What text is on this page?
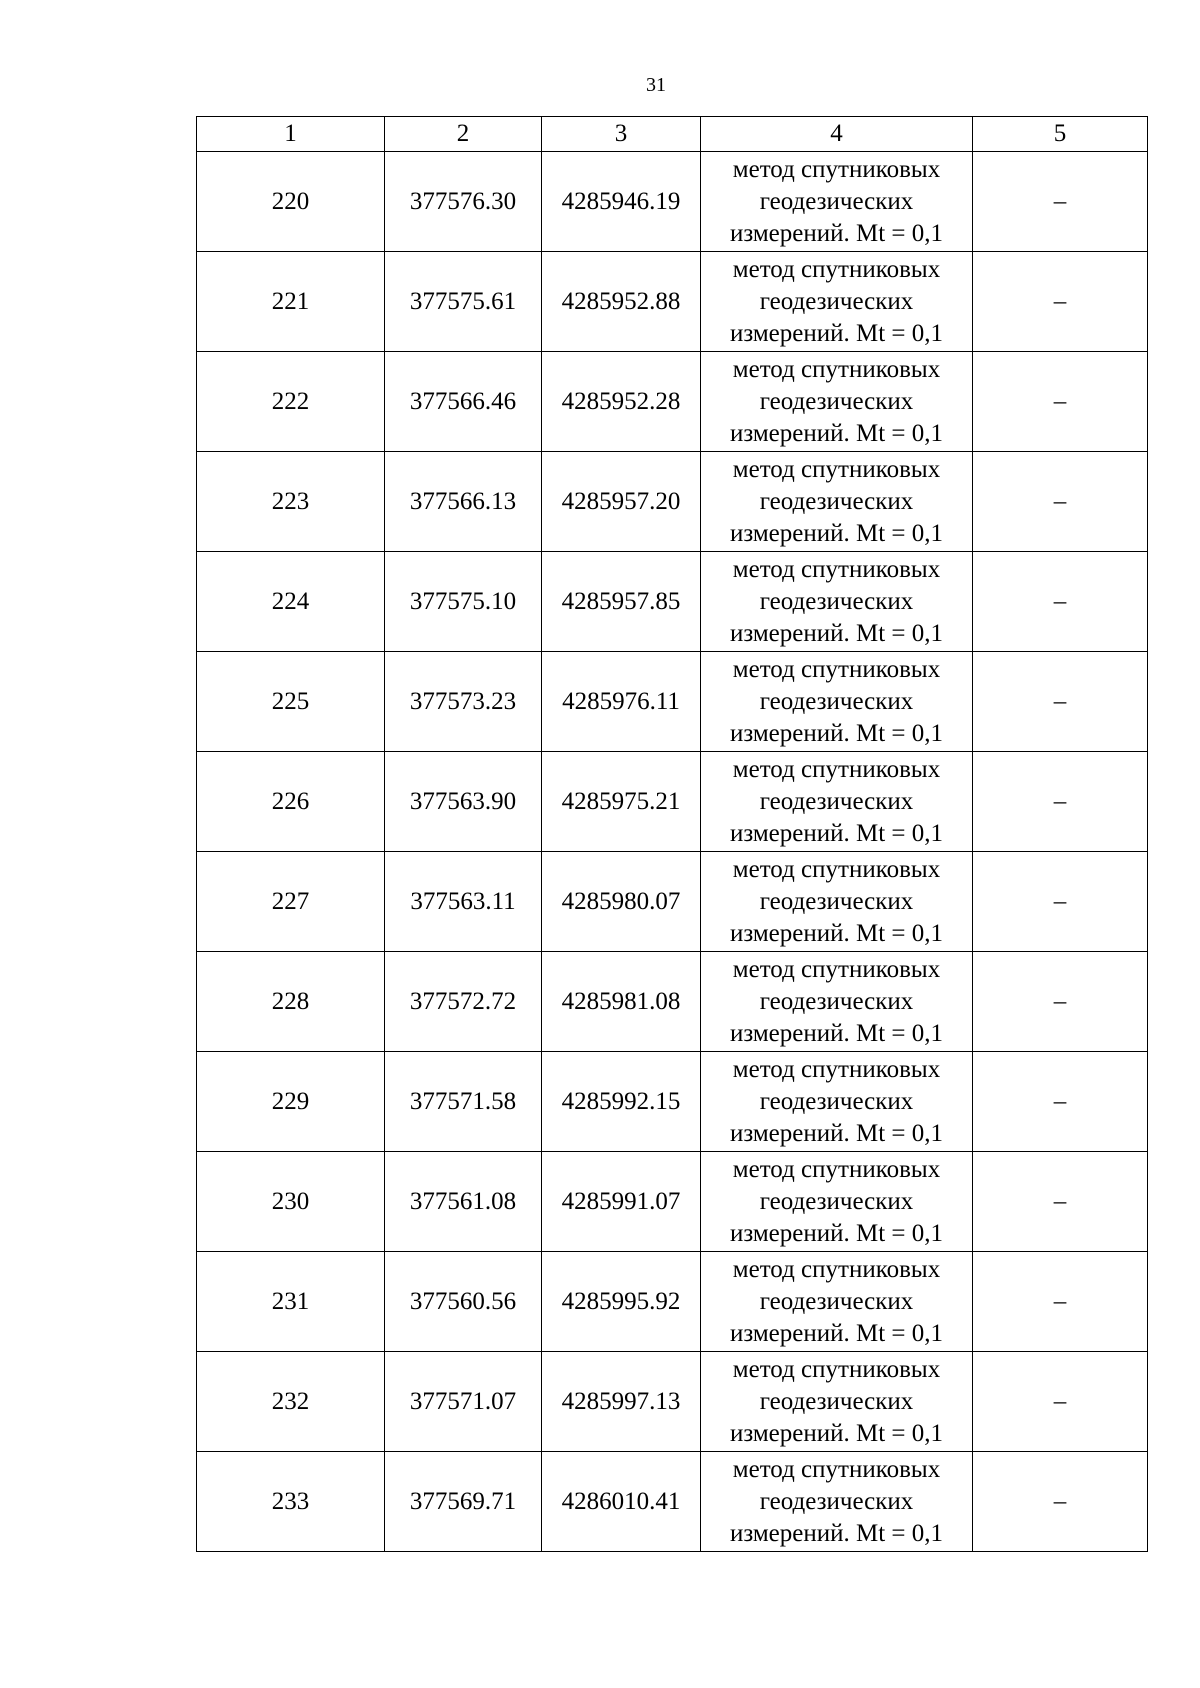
31
1	2	3	4	5
220	377576.30	4285946.19	метод спутниковых
геодезических
измерений. Mt = 0,1	–
221	377575.61	4285952.88	метод спутниковых
геодезических
измерений. Mt = 0,1	–
222	377566.46	4285952.28	метод спутниковых
геодезических
измерений. Mt = 0,1	–
223	377566.13	4285957.20	метод спутниковых
геодезических
измерений. Mt = 0,1	–
224	377575.10	4285957.85	метод спутниковых
геодезических
измерений. Mt = 0,1	–
225	377573.23	4285976.11	метод спутниковых
геодезических
измерений. Mt = 0,1	–
226	377563.90	4285975.21	метод спутниковых
геодезических
измерений. Mt = 0,1	–
227	377563.11	4285980.07	метод спутниковых
геодезических
измерений. Mt = 0,1	–
228	377572.72	4285981.08	метод спутниковых
геодезических
измерений. Mt = 0,1	–
229	377571.58	4285992.15	метод спутниковых
геодезических
измерений. Mt = 0,1	–
230	377561.08	4285991.07	метод спутниковых
геодезических
измерений. Mt = 0,1	–
231	377560.56	4285995.92	метод спутниковых
геодезических
измерений. Mt = 0,1	–
232	377571.07	4285997.13	метод спутниковых
геодезических
измерений. Mt = 0,1	–
233	377569.71	4286010.41	метод спутниковых
геодезических
измерений. Mt = 0,1	–
